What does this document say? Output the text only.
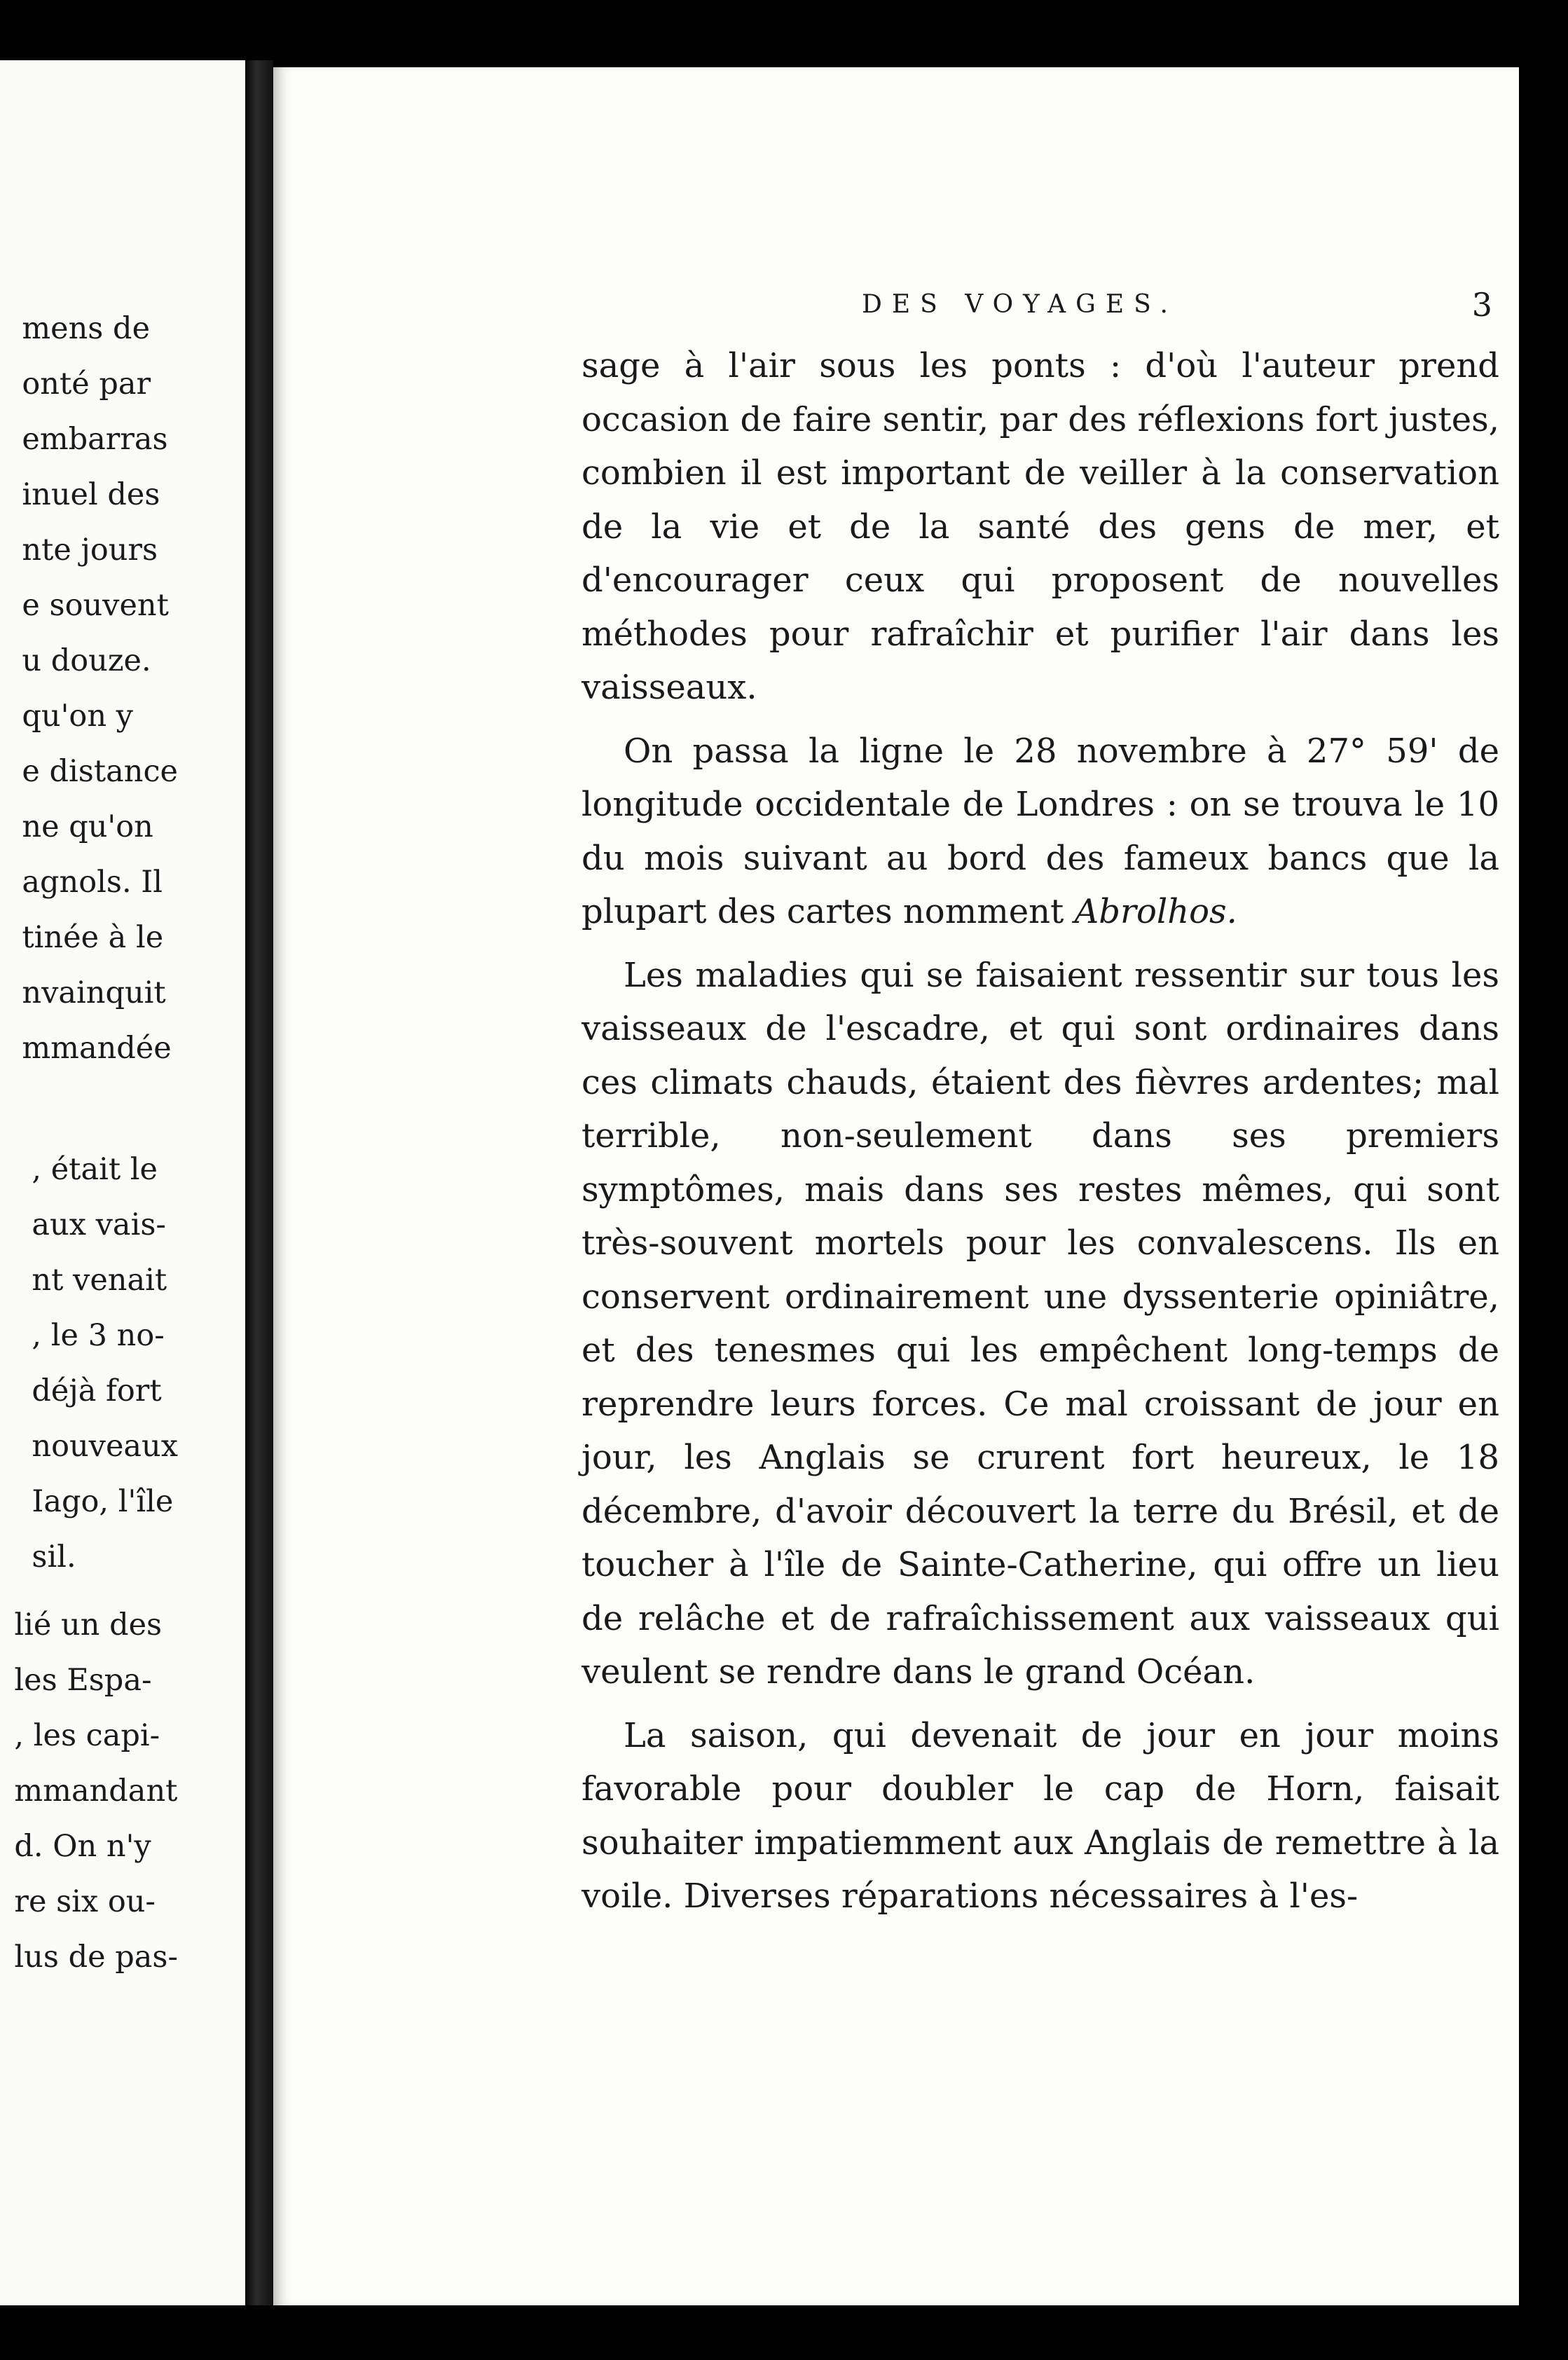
mens de
onté par
embarras
inuel des
nte jours
e souvent
u douze.
qu'on y
e distance
ne qu'on
agnols. Il
tinée à le
nvainquit
mmandée
, était le
aux vais-
nt venait
, le 3 no-
déjà fort
nouveaux
Iago, l'île
sil.
lié un des
les Espa-
, les capi-
mmandant
d. On n'y
re six ou-
lus de pas-
DES VOYAGES.	3

sage à l'air sous les ponts : d'où l'auteur prend occasion de faire sentir, par des réflexions fort justes, combien il est important de veiller à la conservation de la vie et de la santé des gens de mer, et d'encourager ceux qui proposent de nouvelles méthodes pour rafraîchir et purifier l'air dans les vaisseaux.

On passa la ligne le 28 novembre à 27° 59' de longitude occidentale de Londres : on se trouva le 10 du mois suivant au bord des fameux bancs que la plupart des cartes nomment Abrolhos.

Les maladies qui se faisaient ressentir sur tous les vaisseaux de l'escadre, et qui sont ordinaires dans ces climats chauds, étaient des fièvres ardentes; mal terrible, non-seulement dans ses premiers symptômes, mais dans ses restes mêmes, qui sont très-souvent mortels pour les convalescens. Ils en conservent ordinairement une dyssenterie opiniâtre, et des tenesmes qui les empêchent long-temps de reprendre leurs forces. Ce mal croissant de jour en jour, les Anglais se crurent fort heureux, le 18 décembre, d'avoir découvert la terre du Brésil, et de toucher à l'île de Sainte-Catherine, qui offre un lieu de relâche et de rafraîchissement aux vaisseaux qui veulent se rendre dans le grand Océan.

La saison, qui devenait de jour en jour moins favorable pour doubler le cap de Horn, faisait souhaiter impatiemment aux Anglais de remettre à la voile. Diverses réparations nécessaires à l'es-
